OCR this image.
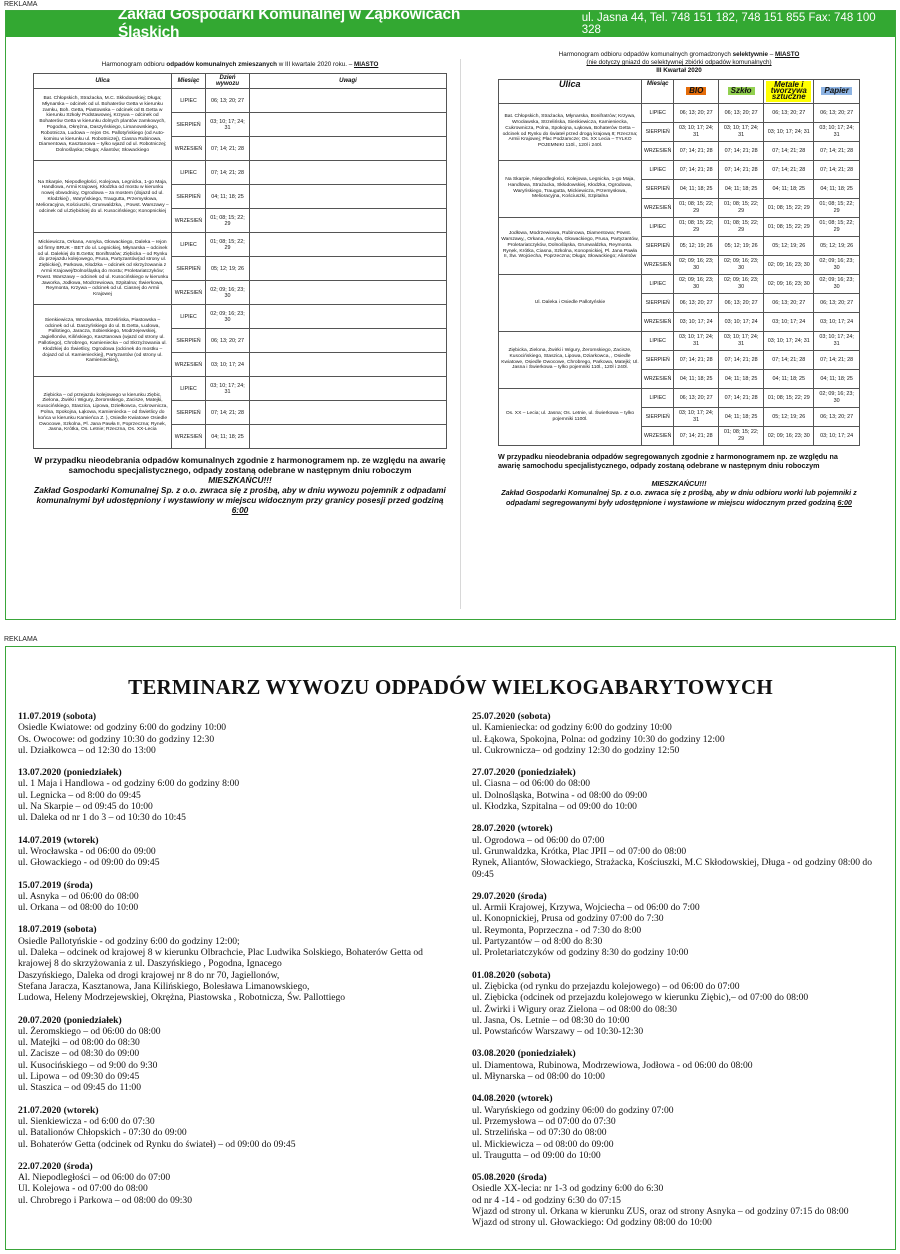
REKLAMA
Zakład Gospodarki Komunalnej w Ząbkowicach Śląskich
ul. Jasna 44, Tel. 748 151 182, 748 151 855 Fax: 748 100 328
Harmonogram odbioru odpadów komunalnych zmieszanych w III kwartale 2020 roku. – MIASTO
Ulica	Miesiąc	Dzień wywozu	Uwagi
Bat. Chłopskich, Strażacka, M.C. Skłodowskiej; Długa; Młynarska – odcinek od ul. Bohaterów Getta w kierunku zamku, Boh. Getta, Piastowska – odcinek od B.Getta w kierunku Szkoły Podstawowej, Krzywa – odcinek od Bohaterów Getta w kierunku dolnych plantów zamkowych, Pogodna, Okrężna, Daszyńskiego, Limanowskiego, Robotnicza, Ludowa – rejon Os. Pallotyńskiego (od Auto-komisu w kierunku ul. Robotniczej), Ciasna Rubinowa, Diamentowa, Kasztanowa – tylko wjazd od ul. Robotniczej; Dolnośląska; Długa; Aliantów; Słowackiego	LIPIEC	06; 13; 20; 27	
	SIERPIEŃ	03; 10; 17; 24; 31	
	WRZESIEŃ	07; 14; 21; 28	
Na Skarpie, Niepodległości, Kolejowa, Legnicka, 1-go Maja, Handlowa, Armii Krajowej, Kłodzka od mostu w kierunku nowej obwodnicy, Ogrodowa – za mostem (dojazd od ul. Kłodzkiej) , Waryńskiego, Traugutta, Przemysłowa, Melioracyjna, Kościuszki, Grunwaldzka, , Powst. Warszawy – odcinek od ul.Ziębickiej do ul. Kusocińskiego; Konopnickiej	LIPIEC	07; 14; 21; 28	
	SIERPIEŃ	04; 11; 18; 25	
	WRZESIEŃ	01; 08; 15; 22; 29	
Mickiewicza, Orkana, Asnyka, Głowackiego, Daleka – rejon od firmy BRUK - BET do ul. Legnickiej, Młynarska – odcinek od ul. Dalekiej do B.Getta; Boniftratów; Ziębicka – od Rynku do przejazdu kolejowego, Prusa, Partyzantów(od strony ul. Ziębickiej), Parkowa, Kłodzka – odcinek od skrzyżowania z Armii Krajowej/Dolnośląską do mostu; Proletariatczyków; Powst. Warszawy – odcinek od ul. Kusocińskiego w kierunku Jaworka, Jodłowa, Modrzewiowa, Szpitalna; Świerkowa, Reymonta, Krzywa – odcinek od ul. Ciasnej do Armii Krajowej	LIPIEC	01; 08; 15; 22; 29	
	SIERPIEŃ	05; 12; 19; 26	
	WRZESIEŃ	02; 09; 16; 23; 30	
Sienkiewicza, Wrocławska, Strzelińska, Piastowska – odcinek od ul. Daszyńskiego do ul. B.Getta, Łudowa, Pallotiego, Jaracza, Sobieskiego, Modrzejewskiej, Jagiellonów, Kilińskiego, Kasztanowa (wjazd od strony ul. Pallotiego), Chrobrego, Kamieniecka – od Skrzyżowania ul. Kłodzkiej do Świetlicy, Ogrodowa (odcinek do mostku – dojazd od ul. Kamienieckiej), Partyzantów (od strony ul. Kamienieckiej),	LIPIEC	02; 09; 16; 23; 30	
	SIERPIEŃ	06; 13; 20; 27	
	WRZESIEŃ	03; 10; 17; 24	
Ziębicka – od przejazdu kolejowego w kierunku Ziębic, Zielona, Żwirki i Wigury, Żeromskiego, Zacisze, Matejki, Kusocińskiego, Staszica, Lipowa, Dziełkowca, Cukrownicza, Polna, Spokojna, Łąkowa, Kamieniecka – od Świetlicy do końca w kierunku Kamieńca Z. ), Osiedle Kwiatowe Osiedle Owocowe, Szkolna, Pl. Jana Pawła II, Poprzeczna; Rynek, Jasna, Krótka, Os. Letnie; Rzeczna, Os. XX-Lecia	LIPIEC	03; 10; 17; 24; 31	
	SIERPIEŃ	07; 14; 21; 28	
	WRZESIEŃ	04; 11; 18; 25	
W przypadku nieodebrania odpadów komunalnych zgodnie z harmonogramem np. ze względu na awarię samochodu specjalistycznego, odpady zostaną odebrane w następnym dniu roboczym
MIESZKAŃCU!!!
Zakład Gospodarki Komunalnej Sp. z o.o. zwraca się z prośbą, aby w dniu wywozu pojemnik z odpadami komunalnymi był udostępniony i wystawiony w miejscu widocznym przy granicy posesji przed godziną 6:00
Harmonogram odbioru odpadów komunalnych gromadzonych selektywnie – MIASTO
(nie dotyczy gniazd do selektywnej zbiórki odpadów komunalnych)
III Kwartał 2020
Ulica	Miesiąc	BIO	Szkło	Metale i tworzywa sztuczne	Papier
Bat. Chłopskich, Strażacka, Młynarska, Bonifratrów; Krzywa, Wrocławska, Strzelińska, Sienkiewicza, Kamieniecka, Cukrownicza, Polna, Spokojna, Łąkowa, Bohaterów Getta – odcinek od Rynku do świateł przed drogą krajową 8; Rzeczna; Armii Krajowej; Plac Podzamcze; Os. XX Lecia – TYLKO POJEMNIKI 110l., 120l i 240l.	LIPIEC	06; 13; 20; 27	06; 13; 20; 27	06; 13; 20; 27	06; 13; 20; 27
	SIERPIEŃ	03; 10; 17; 24; 31	03; 10; 17; 24; 31	03; 10; 17; 24; 31	03; 10; 17; 24; 31
	WRZESIEŃ	07; 14; 21; 28	07; 14; 21; 28	07; 14; 21; 28	07; 14; 21; 28
Na Skarpie, Niepodległości, Kolejowa, Legnicka, 1-go Maja, Handlowa, Strażacka, Skłodowskiej, Kłodzka, Ogrodowa, Waryńskiego, Traugutta, Mickiewicza, Przemysłowa, Melioracyjna, Kościuszki, Szpitalna	LIPIEC	07; 14; 21; 28	07; 14; 21; 28	07; 14; 21; 28	07; 14; 21; 28
	SIERPIEŃ	04; 11; 18; 25	04; 11; 18; 25	04; 11; 18; 25	04; 11; 18; 25
	WRZESIEŃ	01; 08; 15; 22; 29	01; 08; 15; 22; 29	01; 08; 15; 22; 29	01; 08; 15; 22; 29
Jodłowa, Modrzewiowa, Rubinowa, Diamentowa; Powst. Warszawy,, Orkana, Asnyka, Głowackiego, Prusa, Partyzantów, Proletariatczyków, Dolnośląska, Grunwaldzka, Reymonta. Rynek, Krótka, Ciasna, Szkolna, Konopnickiej, Pl. Jana Pawła II, Św. Wojciecha, Poprzeczna; Długa; Słowackiego; Aliantów	LIPIEC	01; 08; 15; 22; 29	01; 08; 15; 22; 29	01; 08; 15; 22; 29	01; 08; 15; 22; 29
	SIERPIEŃ	05; 12; 19; 26	05; 12; 19; 26	05; 12; 19; 26	05; 12; 19; 26
	WRZESIEŃ	02; 09; 16; 23; 30	02; 09; 16; 23; 30	02; 09; 16; 23; 30	02; 09; 16; 23; 30
Ul. Daleka i Osiedle Pallotyńskie	LIPIEC	02; 09; 16; 23; 30	02; 09; 16; 23; 30	02; 09; 16; 23; 30	02; 09; 16; 23; 30
	SIERPIEŃ	06; 13; 20; 27	06; 13; 20; 27	06; 13; 20; 27	06; 13; 20; 27
	WRZESIEŃ	03; 10; 17; 24	03; 10; 17; 24	03; 10; 17; 24	03; 10; 17; 24
Ziębicka, Zielona, Żwirki i Wigury, Żeromskiego, Zacisze, Kusocińskiego, Staszica, Lipowa, Dziarkowca, , Osiedle Kwiatowe, Osiedle Owocowe, Chrobrego, Parkowa, Matejki; Ul. Jasna i Świerkowa – tylko pojemniki 110l., 120l i 240l.	LIPIEC	03; 10; 17; 24; 31	03; 10; 17; 24; 31	03; 10; 17; 24; 31	03; 10; 17; 24; 31
	SIERPIEŃ	07; 14; 21; 28	07; 14; 21; 28	07; 14; 21; 28	07; 14; 21; 28
	WRZESIEŃ	04; 11; 18; 25	04; 11; 18; 25	04; 11; 18; 25	04; 11; 18; 25
Os. XX – Lecia; ul. Jasna; Os. Letnie, ul. Świerkowa – tylko pojemniki 1100l.	LIPIEC	06; 13; 20; 27	07; 14; 21; 28	01; 08; 15; 22; 29	02; 09; 16; 23; 30
	SIERPIEŃ	03; 10; 17; 24; 31	04; 11; 18; 25	05; 12; 19; 26	06; 13; 20; 27
	WRZESIEŃ	07; 14; 21; 28	01; 08; 15; 22; 29	02; 09; 16; 23; 30	03; 10; 17; 24
W przypadku nieodebrania odpadów segregowanych zgodnie z harmonogramem np. ze względu na awarię samochodu specjalistycznego, odpady zostaną odebrane w następnym dniu roboczym
MIESZKAŃCU!!!
Zakład Gospodarki Komunalnej Sp. z o.o. zwraca się z prośbą, aby w dniu odbioru worki lub pojemniki z odpadami segregowanymi były udostępnione i wystawione w miejscu widocznym przed godziną 6:00
REKLAMA
TERMINARZ WYWOZU ODPADÓW WIELKOGABARYTOWYCH
11.07.2019 (sobota)
Osiedle Kwiatowe: od godziny 6:00 do godziny 10:00
Os. Owocowe: od godziny 10:30 do godziny 12:30
ul. Działkowca – od 12:30 do 13:00
13.07.2020 (poniedziałek)
ul. 1 Maja i Handlowa - od godziny 6:00 do godziny 8:00
ul. Legnicka – od 8:00 do 09:45
ul. Na Skarpie – od 09:45 do 10:00
ul. Daleka od nr 1 do 3 – od 10:30 do 10:45
14.07.2019 (wtorek)
ul. Wrocławska - od 06:00 do 09:00
ul. Głowackiego - od 09:00 do 09:45
15.07.2019 (środa)
ul. Asnyka – od 06:00 do 08:00
ul. Orkana – od 08:00 do 10:00
18.07.2019 (sobota)
Osiedle Pallotyńskie - od godziny 6:00 do godziny 12:00;
ul. Daleka – odcinek od krajowej 8 w kierunku Olbrachcie, Plac Ludwika Solskiego, Bohaterów Getta od krajowej 8 do skrzyżowania z ul. Daszyńskiego , Pogodna, Ignacego
Daszyńskiego, Daleka od drogi krajowej nr 8 do nr 70, Jagiellonów,
Stefana Jaracza, Kasztanowa, Jana Kilińskiego, Bolesława Limanowskiego,
Ludowa, Heleny Modrzejewskiej, Okrężna, Piastowska , Robotnicza, Św. Pallottiego
20.07.2020 (poniedziałek)
ul. Żeromskiego – od 06:00 do 08:00
ul. Matejki – od 08:00 do 08:30
ul. Zacisze – od 08:30 do 09:00
ul. Kusocińskiego – od 9:00 do 9:30
ul. Lipowa – od 09:30 do 09:45
ul. Staszica – od 09:45 do 11:00
21.07.2020 (wtorek)
ul. Sienkiewicza - od 6:00 do 07:30
ul. Batalionów Chłopskich - 07:30 do 09:00
ul. Bohaterów Getta (odcinek od Rynku do świateł) – od 09:00 do 09:45
22.07.2020 (środa)
Al. Niepodległości – od 06:00 do 07:00
Ul. Kolejowa - od 07:00 do 08:00
ul. Chrobrego i Parkowa – od 08:00 do 09:30
25.07.2020 (sobota)
ul. Kamieniecka: od godziny 6:00 do godziny 10:00
ul. Łąkowa, Spokojna, Polna: od godziny 10:30 do godziny 12:00
ul. Cukrownicza– od godziny 12:30 do godziny 12:50
27.07.2020 (poniedziałek)
ul. Ciasna – od 06:00 do 08:00
ul. Dolnośląska, Botwina - od 08:00 do 09:00
ul. Kłodzka, Szpitalna – od 09:00 do 10:00
28.07.2020 (wtorek)
ul. Ogrodowa – od 06:00 do 07:00
ul. Grunwaldzka, Krótka, Plac JPII – od 07:00 do 08:00
Rynek, Aliantów, Słowackiego, Strażacka, Kościuszki, M.C Skłodowskiej, Długa - od godziny 08:00 do 09:45
29.07.2020 (środa)
ul. Armii Krajowej, Krzywa, Wojciecha – od 06:00 do 7:00
ul. Konopnickiej, Prusa od godziny 07:00 do 7:30
ul. Reymonta, Poprzeczna - od 7:30 do 8:00
ul. Partyzantów – od 8:00 do 8:30
ul. Proletariatczyków od godziny 8:30 do godziny 10:00
01.08.2020 (sobota)
ul. Ziębicka (od rynku do przejazdu kolejowego) – od 06:00 do 07:00
ul. Ziębicka (odcinek od przejazdu kolejowego w kierunku Ziębic),– od 07:00 do 08:00
ul. Żwirki i Wigury oraz Zielona – od 08:00 do 08:30
ul. Jasna, Os. Letnie – od 08:30 do 10:00
ul. Powstańców Warszawy – od 10:30-12:30
03.08.2020 (poniedziałek)
ul. Diamentowa, Rubinowa, Modrzewiowa, Jodłowa - od 06:00 do 08:00
ul. Młynarska – od 08:00 do 10:00
04.08.2020 (wtorek)
ul. Waryńskiego od godziny 06:00 do godziny 07:00
ul. Przemysłowa – od 07:00 do 07:30
ul. Strzelińska – od 07:30 do 08:00
ul. Mickiewicza – od 08:00 do 09:00
ul. Traugutta – od 09:00 do 10:00
05.08.2020 (środa)
Osiedle XX-lecia: nr 1-3 od godziny 6:00 do 6:30
od nr 4 -14 - od godziny 6:30 do 07:15
Wjazd od strony ul. Orkana w kierunku ZUS, oraz od strony Asnyka – od godziny 07:15 do 08:00
Wjazd od strony ul. Głowackiego: Od godziny 08:00 do 10:00
